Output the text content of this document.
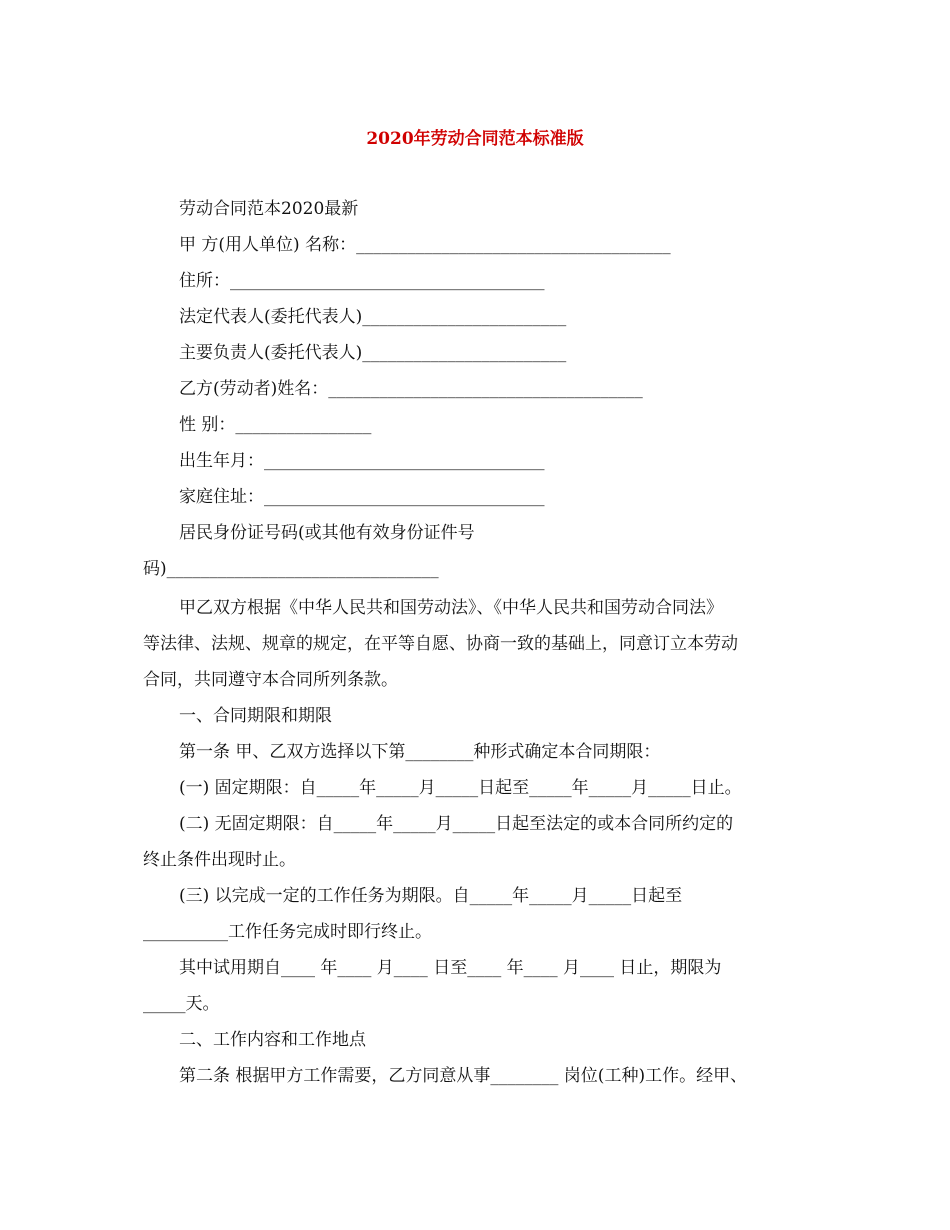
2020年劳动合同范本标准版
劳动合同范本2020最新
甲 方(用人单位) 名称：_____________________________________
住所：_____________________________________
法定代表人(委托代表人)________________________
主要负责人(委托代表人)________________________
乙方(劳动者)姓名：_____________________________________
性 别：________________
出生年月：_________________________________
家庭住址：_________________________________
居民身份证号码(或其他有效身份证件号
码)________________________________
甲乙双方根据《中华人民共和国劳动法》、《中华人民共和国劳动合同法》
等法律、法规、规章的规定，在平等自愿、协商一致的基础上，同意订立本劳动
合同，共同遵守本合同所列条款。
一、合同期限和期限
第一条 甲、乙双方选择以下第________种形式确定本合同期限：
(一) 固定期限：自_____年_____月_____日起至_____年_____月_____日止。
(二) 无固定期限：自_____年_____月_____日起至法定的或本合同所约定的
终止条件出现时止。
(三) 以完成一定的工作任务为期限。自_____年_____月_____日起至
__________工作任务完成时即行终止。
其中试用期自____ 年____ 月____ 日至____ 年____ 月____ 日止，期限为
_____天。
二、工作内容和工作地点
第二条 根据甲方工作需要，乙方同意从事________ 岗位(工种)工作。经甲、
